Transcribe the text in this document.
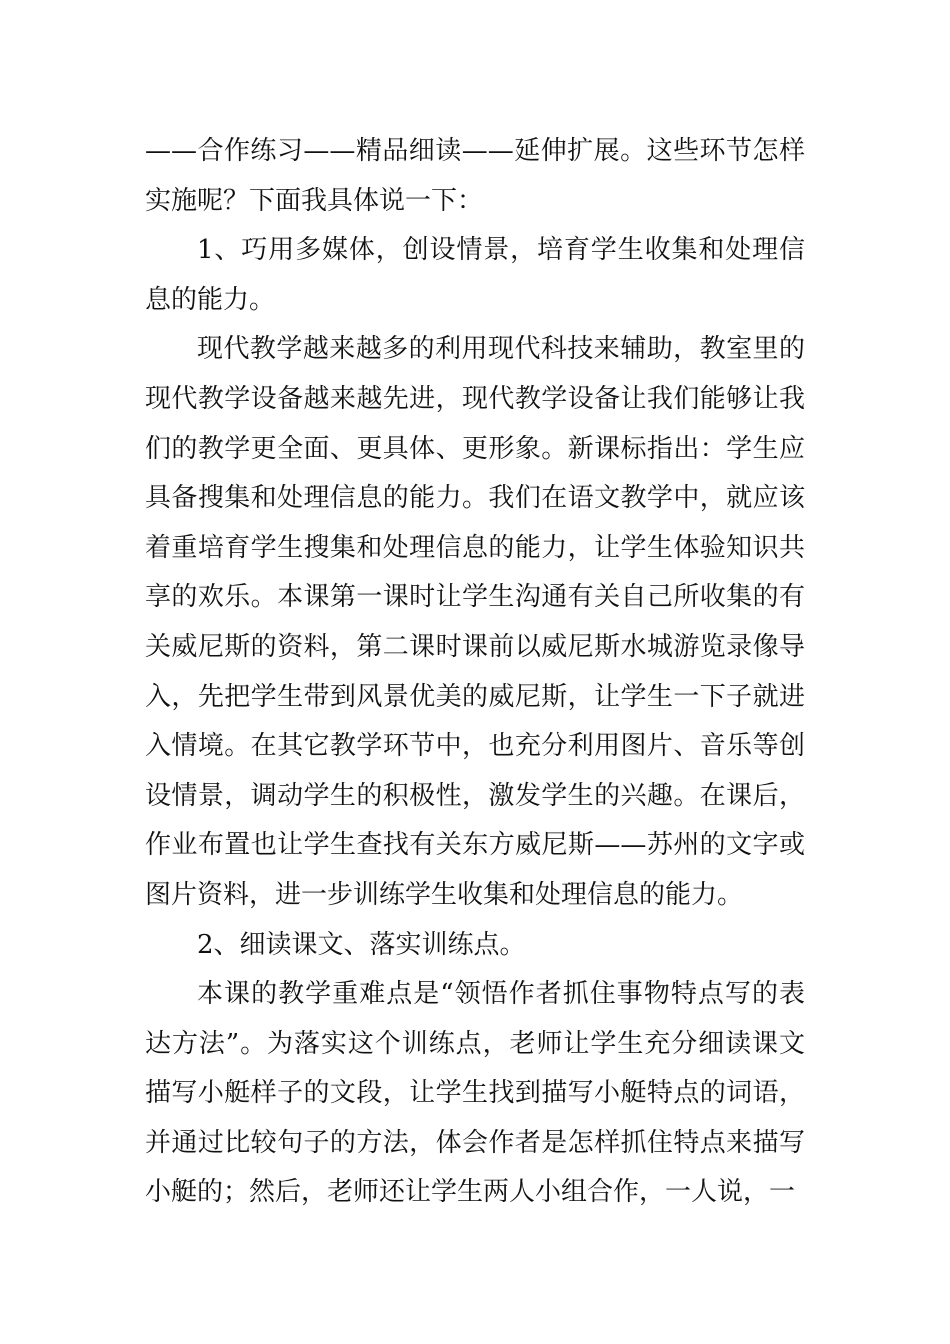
——合作练习——精品细读——延伸扩展。这些环节怎样实施呢？下面我具体说一下：

1、巧用多媒体，创设情景，培育学生收集和处理信息的能力。

现代教学越来越多的利用现代科技来辅助，教室里的现代教学设备越来越先进，现代教学设备让我们能够让我们的教学更全面、更具体、更形象。新课标指出：学生应具备搜集和处理信息的能力。我们在语文教学中，就应该着重培育学生搜集和处理信息的能力，让学生体验知识共享的欢乐。本课第一课时让学生沟通有关自己所收集的有关威尼斯的资料，第二课时课前以威尼斯水城游览录像导入，先把学生带到风景优美的威尼斯，让学生一下子就进入情境。在其它教学环节中，也充分利用图片、音乐等创设情景，调动学生的积极性，激发学生的兴趣。在课后，作业布置也让学生查找有关东方威尼斯——苏州的文字或图片资料，进一步训练学生收集和处理信息的能力。

2、细读课文、落实训练点。

本课的教学重难点是“领悟作者抓住事物特点写的表达方法”。为落实这个训练点，老师让学生充分细读课文描写小艇样子的文段，让学生找到描写小艇特点的词语，并通过比较句子的方法，体会作者是怎样抓住特点来描写小艇的；然后，老师还让学生两人小组合作，一人说，一
